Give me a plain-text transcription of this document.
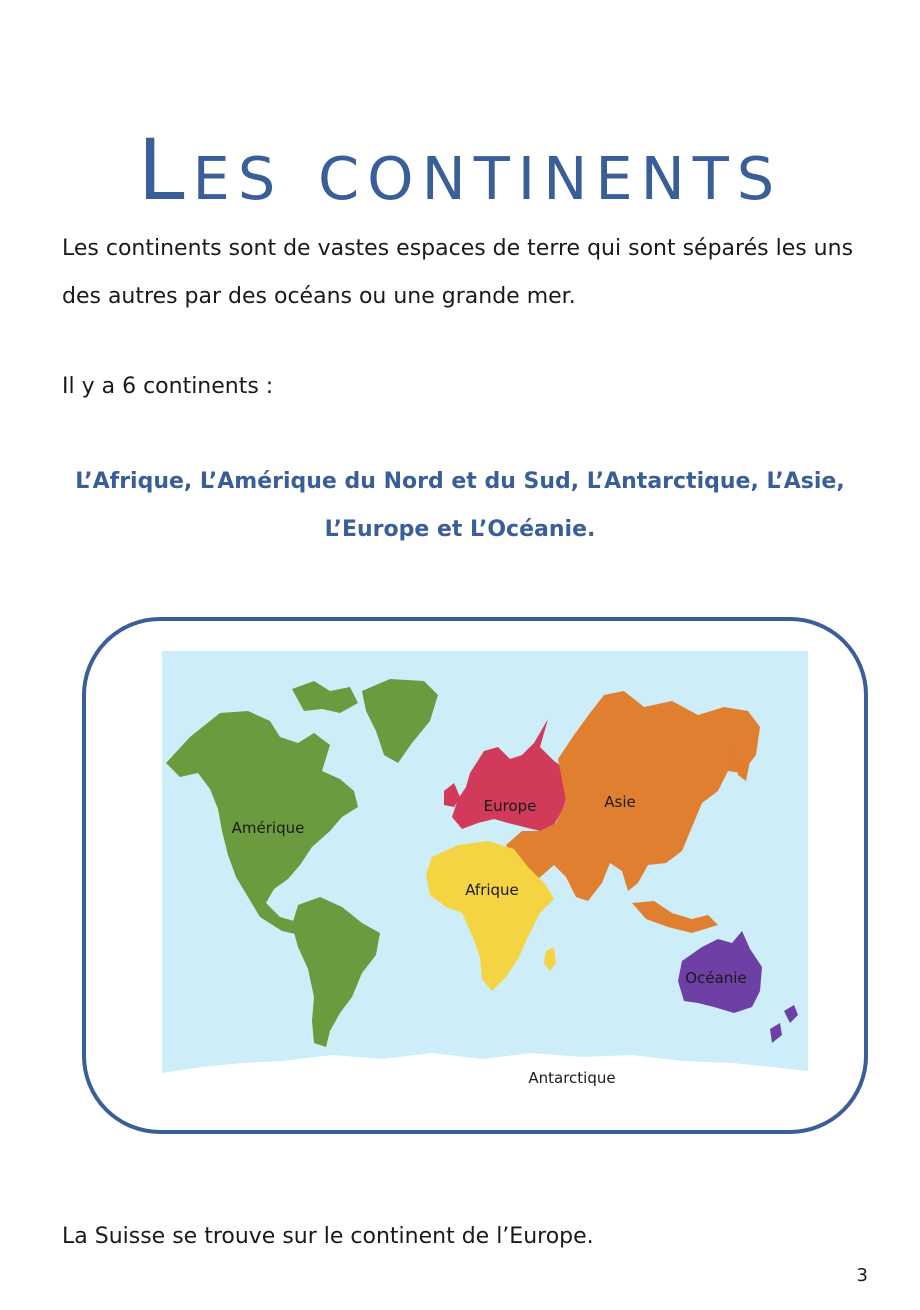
Les continents

Les continents sont de vastes espaces de terre qui sont séparés les uns des autres par des océans ou une grande mer.

Il y a 6 continents :

L’Afrique, L’Amérique du Nord et du Sud, L’Antarctique, L’Asie,

L’Europe et L’Océanie.

Amérique
Europe	Asie
Afrique
Océanie
Antarctique

La Suisse se trouve sur le continent de l’Europe.

3
